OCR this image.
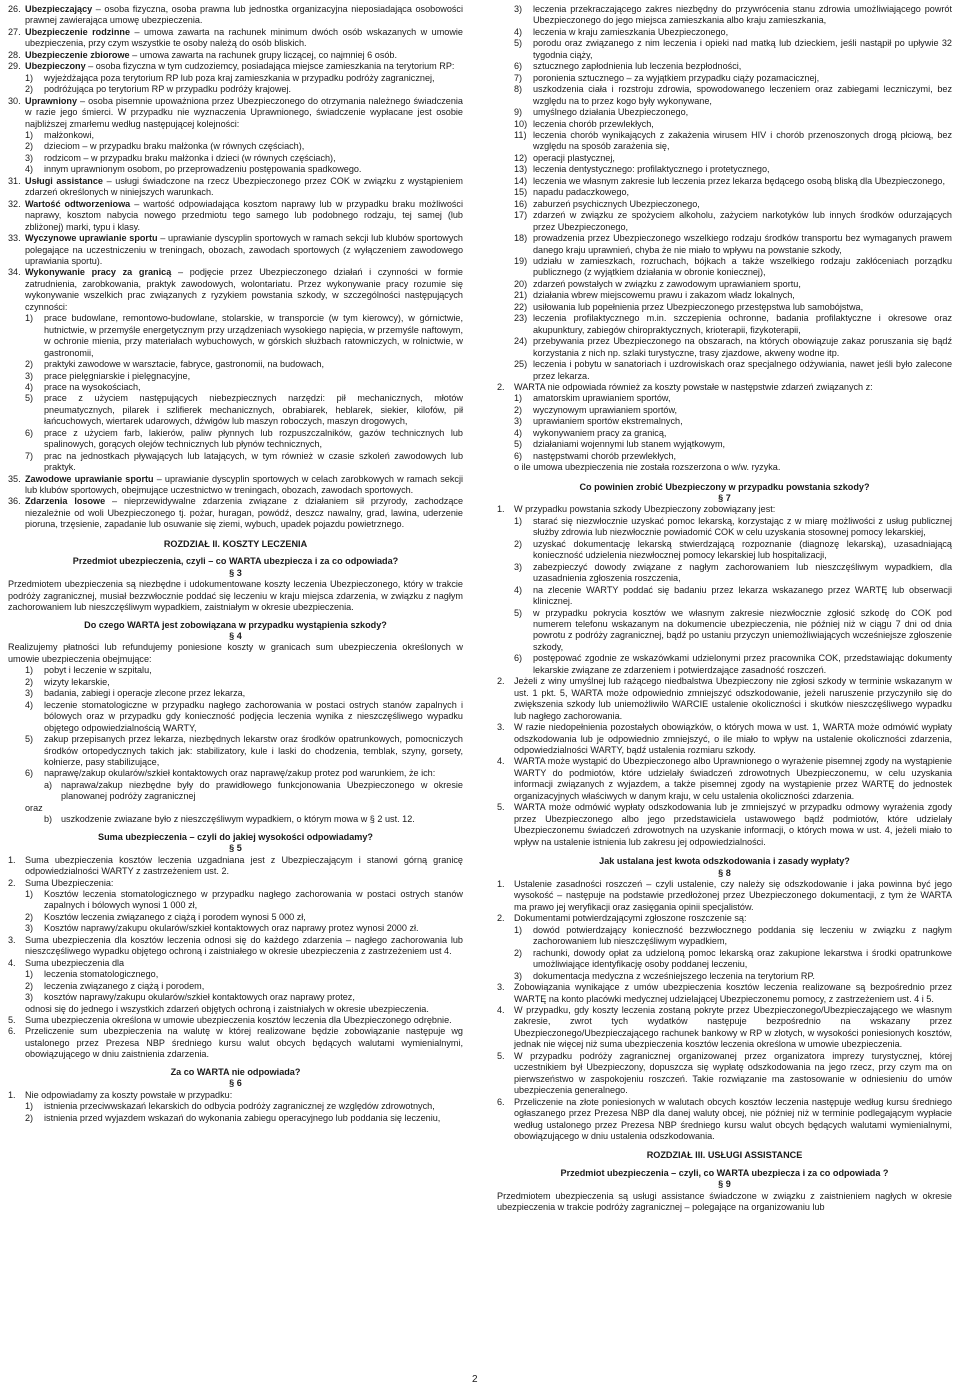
26. Ubezpieczający – osoba fizyczna, osoba prawna lub jednostka organizacyjna nieposiadająca osobowości prawnej zawierająca umowę ubezpieczenia.
27. Ubezpieczenie rodzinne – umowa zawarta na rachunek minimum dwóch osób wskazanych w umowie ubezpieczenia, przy czym wszystkie te osoby należą do osób bliskich.
28. Ubezpieczenie zbiorowe – umowa zawarta na rachunek grupy liczącej, co najmniej 6 osób.
29. Ubezpieczony – osoba fizyczna w tym cudzoziemcy, posiadająca miejsce zamieszkania na terytorium RP:
1)	wyjeżdżająca poza terytorium RP lub poza kraj zamieszkania w przypadku podróży zagranicznej,
2)	podróżująca po terytorium RP w przypadku podróży krajowej.
30. Uprawniony – osoba pisemnie upoważniona przez Ubezpieczonego do otrzymania należnego świadczenia w razie jego śmierci. W przypadku nie wyznaczenia Uprawnionego, świadczenie wypłacane jest osobie najbliższej zmarłemu według następującej kolejności:
1)	małżonkowi,
2)	dzieciom – w przypadku braku małżonka (w równych częściach),
3)	rodzicom – w przypadku braku małżonka i dzieci (w równych częściach),
4)	innym uprawnionym osobom, po przeprowadzeniu postępowania spadkowego.
31. Usługi assistance – usługi świadczone na rzecz Ubezpieczonego przez COK w związku z wystąpieniem zdarzeń określonych w niniejszych warunkach.
32. Wartość odtworzeniowa – wartość odpowiadająca kosztom naprawy lub w przypadku braku możliwości naprawy, kosztom nabycia nowego przedmiotu tego samego lub podobnego rodzaju, tej samej (lub zbliżonej) marki, typu i klasy.
33. Wyczynowe uprawianie sportu – uprawianie dyscyplin sportowych w ramach sekcji lub klubów sportowych polegające na uczestniczeniu w treningach, obozach, zawodach sportowych (z wyłączeniem zawodowego uprawiania sportu).
34. Wykonywanie pracy za granicą – podjęcie przez Ubezpieczonego działań i czynności w formie zatrudnienia, zarobkowania, praktyk zawodowych, wolontariatu. Przez wykonywanie pracy rozumie się wykonywanie wszelkich prac związanych z ryzykiem powstania szkody, w szczególności następujących czynności:
1)	prace budowlane, remontowo-budowlane, stolarskie, w transporcie (w tym kierowcy), w górnictwie, hutnictwie, w przemyśle energetycznym przy urządzeniach wysokiego napięcia, w przemyśle naftowym, w ochronie mienia, przy materiałach wybuchowych, w górskich służbach ratowniczych, w rolnictwie, w gastronomii,
2)	praktyki zawodowe w warsztacie, fabryce, gastronomii, na budowach,
3)	prace pielęgniarskie i pielęgnacyjne,
4)	prace na wysokościach,
5)	prace z użyciem następujących niebezpiecznych narzędzi: pił mechanicznych, młotów pneumatycznych, pilarek i szlifierek mechanicznych, obrabiarek, heblarek, siekier, kilofów, pił łańcuchowych, wiertarek udarowych, dźwigów lub maszyn roboczych, maszyn drogowych,
6)	prace z użyciem farb, lakierów, paliw płynnych lub rozpuszczalników, gazów technicznych lub spalinowych, gorących olejów technicznych lub płynów technicznych,
7)	prac na jednostkach pływających lub latających, w tym również w czasie szkoleń zawodowych lub praktyk.
35. Zawodowe uprawianie sportu – uprawianie dyscyplin sportowych w celach zarobkowych w ramach sekcji lub klubów sportowych, obejmujące uczestnictwo w treningach, obozach, zawodach sportowych.
36. Zdarzenia losowe – nieprzewidywalne zdarzenia związane z działaniem sił przyrody, zachodzące niezależnie od woli Ubezpieczonego tj. pożar, huragan, powódź, deszcz nawalny, grad, lawina, uderzenie pioruna, trzęsienie, zapadanie lub osuwanie się ziemi, wybuch, upadek pojazdu powietrznego.
ROZDZIAŁ II. KOSZTY LECZENIA
Przedmiot ubezpieczenia, czyli – co WARTA ubezpiecza i za co odpowiada?
§ 3
Przedmiotem ubezpieczenia są niezbędne i udokumentowane koszty leczenia Ubezpieczonego, który w trakcie podróży zagranicznej, musiał bezzwłocznie poddać się leczeniu w kraju miejsca zdarzenia, w związku z nagłym zachorowaniem lub nieszczęśliwym wypadkiem, zaistniałym w okresie ubezpieczenia.
Do czego WARTA jest zobowiązana w przypadku wystąpienia szkody?
§ 4
Realizujemy płatności lub refundujemy poniesione koszty w granicach sum ubezpieczenia określonych w umowie ubezpieczenia obejmujące:
1)	pobyt i leczenie w szpitalu,
2)	wizyty lekarskie,
3)	badania, zabiegi i operacje zlecone przez lekarza,
4)	leczenie stomatologiczne w przypadku nagłego zachorowania w postaci ostrych stanów zapalnych i bólowych oraz w przypadku gdy konieczność podjęcia leczenia wynika z nieszczęśliwego wypadku objętego odpowiedzialnością WARTY,
5)	zakup przepisanych przez lekarza, niezbędnych lekarstw oraz środków opatrunkowych, pomocniczych środków ortopedycznych takich jak: stabilizatory, kule i laski do chodzenia, temblak, szyny, gorsety, kołnierze, pasy stabilizujące,
6)	naprawę/zakup okularów/szkieł kontaktowych oraz naprawę/zakup protez pod warunkiem, że ich:
a) naprawa/zakup niezbędne były do prawidłowego funkcjonowania Ubezpieczonego w okresie planowanej podróży zagranicznej
oraz
b) uszkodzenie zwiazane było z nieszczęśliwym wypadkiem, o którym mowa w § 2 ust. 12.
Suma ubezpieczenia – czyli do jakiej wysokości odpowiadamy?
§ 5
1.	Suma ubezpieczenia kosztów leczenia uzgadniana jest z Ubezpieczającym i stanowi górną granicę odpowiedzialności WARTY z zastrzeżeniem ust. 2.
2.	Suma Ubezpieczenia:
1)	Kosztów leczenia stomatologicznego w przypadku nagłego zachorowania w postaci ostrych stanów zapalnych i bólowych wynosi 1 000 zł,
2)	Kosztów leczenia związanego z ciążą i porodem wynosi 5 000 zł,
3)	Kosztów naprawy/zakupu okularów/szkieł kontaktowych oraz naprawy protez wynosi 2000 zł.
3.	Suma ubezpieczenia dla kosztów leczenia odnosi się do każdego zdarzenia – nagłego zachorowania lub nieszczęśliwego wypadku objętego ochroną i zaistniałego w okresie ubezpieczenia z zastrzeżeniem ust 4.
4.	Suma ubezpieczenia dla
1)	leczenia stomatologicznego,
2)	leczenia związanego z ciążą i porodem,
3)	kosztów naprawy/zakupu okularów/szkieł kontaktowych oraz naprawy protez,
odnosi się do jednego i wszystkich zdarzeń objętych ochroną i zaistniałych w okresie ubezpieczenia.
5.	Suma ubezpieczenia określona w umowie ubezpieczenia kosztów leczenia dla Ubezpieczonego odrębnie.
6.	Przeliczenie sum ubezpieczenia na walutę w której realizowane będzie zobowiązanie następuje wg ustalonego przez Prezesa NBP średniego kursu walut obcych będących walutami wymienialnymi, obowiązującego w dniu zaistnienia zdarzenia.
Za co WARTA nie odpowiada?
§ 6
1.	Nie odpowiadamy za koszty powstałe w przypadku:
1)	istnienia przeciwwskazań lekarskich do odbycia podróży zagranicznej ze względów zdrowotnych,
2)	istnienia przed wyjazdem wskazań do wykonania zabiegu operacyjnego lub poddania się leczeniu,
3)	leczenia przekraczającego zakres niezbędny do przywrócenia stanu zdrowia umożliwiającego powrót Ubezpieczonego do jego miejsca zamieszkania albo kraju zamieszkania,
4)	leczenia w kraju zamieszkania Ubezpieczonego,
5)	porodu oraz związanego z nim leczenia i opieki nad matką lub dzieckiem, jeśli nastąpił po upływie 32 tygodnia ciąży,
6)	sztucznego zapłodnienia lub leczenia bezpłodności,
7)	poronienia sztucznego – za wyjątkiem przypadku ciąży pozamacicznej,
8)	uszkodzenia ciała i rozstroju zdrowia, spowodowanego leczeniem oraz zabiegami leczniczymi, bez względu na to przez kogo były wykonywane,
9)	umyślnego działania Ubezpieczonego,
10) leczenia chorób przewlekłych,
11) leczenia chorób wynikających z zakażenia wirusem HIV i chorób przenoszonych drogą płciową, bez względu na sposób zarażenia się,
12) operacji plastycznej,
13) leczenia dentystycznego: profilaktycznego i protetycznego,
14) leczenia we własnym zakresie lub leczenia przez lekarza będącego osobą bliską dla Ubezpieczonego,
15) napadu padaczkowego,
16) zaburzeń psychicznych Ubezpieczonego,
17) zdarzeń w związku ze spożyciem alkoholu, zażyciem narkotyków lub innych środków odurzających przez Ubezpieczonego,
18) prowadzenia przez Ubezpieczonego wszelkiego rodzaju środków transportu bez wymaganych prawem danego kraju uprawnień, chyba że nie miało to wpływu na powstanie szkody,
19) udziału w zamieszkach, rozruchach, bójkach a także wszelkiego rodzaju zakłóceniach porządku publicznego (z wyjątkiem działania w obronie koniecznej),
20) zdarzeń powstałych w związku z zawodowym uprawianiem sportu,
21) działania wbrew miejscowemu prawu i zakazom władz lokalnych,
22) usiłowania lub popełnienia przez Ubezpieczonego przestępstwa lub samobójstwa,
23) leczenia profilaktycznego m.in. szczepienia ochronne, badania profilaktyczne i okresowe oraz akupunktury, zabiegów chiropraktycznych, krioterapii, fizykoterapii,
24) przebywania przez Ubezpieczonego na obszarach, na których obowiązuje zakaz poruszania się bądź korzystania z nich np. szlaki turystyczne, trasy zjazdowe, akweny wodne itp.
25) leczenia i pobytu w sanatoriach i uzdrowiskach oraz specjalnego odżywiania, nawet jeśli było zalecone przez lekarza.
2.	WARTA nie odpowiada również za koszty powstałe w następstwie zdarzeń związanych z:
1)	amatorskim uprawianiem sportów,
2)	wyczynowym uprawianiem sportów,
3)	uprawianiem sportów ekstremalnych,
4)	wykonywaniem pracy za granicą,
5)	działaniami wojennymi lub stanem wyjątkowym,
6)	następstwami chorób przewlekłych,
o ile umowa ubezpieczenia nie została rozszerzona o w/w. ryzyka.
Co powinien zrobić Ubezpieczony w przypadku powstania szkody?
§ 7
1.	W przypadku powstania szkody Ubezpieczony zobowiązany jest:
1)	starać się niezwłocznie uzyskać pomoc lekarską, korzystając z w miarę możliwości z usług publicznej służby zdrowia lub niezwłocznie powiadomić COK w celu uzyskania stosownej pomocy lekarskiej,
2)	uzyskać dokumentację lekarską stwierdzającą rozpoznanie (diagnozę lekarską), uzasadniającą konieczność udzielenia niezwłocznej pomocy lekarskiej lub hospitalizacji,
3)	zabezpieczyć dowody związane z nagłym zachorowaniem lub nieszczęśliwym wypadkiem, dla uzasadnienia zgłoszenia roszczenia,
4)	na zlecenie WARTY poddać się badaniu przez lekarza wskazanego przez WARTĘ lub obserwacji klinicznej.
5)	w przypadku pokrycia kosztów we własnym zakresie niezwłocznie zgłosić szkodę do COK pod numerem telefonu wskazanym na dokumencie ubezpieczenia, nie później niż w ciągu 7 dni od dnia powrotu z podróży zagranicznej, bądź po ustaniu przyczyn uniemożliwiających wcześniejsze zgłoszenie szkody,
6)	postępować zgodnie ze wskazówkami udzielonymi przez pracownika COK, przedstawiając dokumenty lekarskie związane ze zdarzeniem i potwierdzające zasadność roszczeń.
2.	Jeżeli z winy umyślnej lub rażącego niedbalstwa Ubezpieczony nie zgłosi szkody w terminie wskazanym w ust. 1 pkt. 5, WARTA może odpowiednio zmniejszyć odszkodowanie, jeżeli naruszenie przyczyniło się do zwiększenia szkody lub uniemożliwiło WARCIE ustalenie okoliczności i skutków nieszczęśliwego wypadku lub nagłego zachorowania.
3.	W razie niedopełnienia pozostałych obowiązków, o których mowa w ust. 1, WARTA może odmówić wypłaty odszkodowania lub je odpowiednio zmniejszyć, o ile miało to wpływ na ustalenie okoliczności zdarzenia, odpowiedzialności WARTY, bądź ustalenia rozmiaru szkody.
4.	WARTA może wystąpić do Ubezpieczonego albo Uprawnionego o wyrażenie pisemnej zgody na wystąpienie WARTY do podmiotów, które udzielały świadczeń zdrowotnych Ubezpieczonemu, w celu uzyskania informacji związanych z wyjazdem, a także pisemnej zgody na wystąpienie przez WARTĘ do jednostek organizacyjnych właściwych w danym kraju, w celu ustalenia okoliczności zdarzenia.
5.	WARTA może odmówić wypłaty odszkodowania lub je zmniejszyć w przypadku odmowy wyrażenia zgody przez Ubezpieczonego albo jego przedstawiciela ustawowego bądź podmiotów, które udzielały Ubezpieczonemu świadczeń zdrowotnych na uzyskanie informacji, o których mowa w ust. 4, jeżeli miało to wpływ na ustalenie istnienia lub zakresu jej odpowiedzialności.
Jak ustalana jest kwota odszkodowania i zasady wypłaty?
§ 8
1.	Ustalenie zasadności roszczeń – czyli ustalenie, czy należy się odszkodowanie i jaka powinna być jego wysokość – następuje na podstawie przedłożonej przez Ubezpieczonego dokumentacji, z tym że WARTA ma prawo jej weryfikacji oraz zasięgania opinii specjalistów.
2.	Dokumentami potwierdzającymi zgłoszone roszczenie są:
1)	dowód potwierdzający konieczność bezzwłocznego poddania się leczeniu w związku z nagłym zachorowaniem lub nieszczęśliwym wypadkiem,
2)	rachunki, dowody opłat za udzieloną pomoc lekarską oraz zakupione lekarstwa i środki opatrunkowe umożliwiające identyfikację osoby poddanej leczeniu,
3)	dokumentacja medyczna z wcześniejszego leczenia na terytorium RP.
3.	Zobowiązania wynikające z umów ubezpieczenia kosztów leczenia realizowane są bezpośrednio przez WARTĘ na konto placówki medycznej udzielającej Ubezpieczonemu pomocy, z zastrzeżeniem ust. 4 i 5.
4.	W przypadku, gdy koszty leczenia zostaną pokryte przez Ubezpieczonego/Ubezpieczającego we własnym zakresie, zwrot tych wydatków następuje bezpośrednio na wskazany przez Ubezpieczonego/Ubezpieczającego rachunek bankowy w RP w złotych, w wysokości poniesionych kosztów, jednak nie więcej niż suma ubezpieczenia kosztów leczenia określona w umowie ubezpieczenia.
5.	W przypadku podróży zagranicznej organizowanej przez organizatora imprezy turystycznej, której uczestnikiem był Ubezpieczony, dopuszcza się wypłatę odszkodowania na jego rzecz, przy czym ma on pierwszeństwo w zaspokojeniu roszczeń. Takie rozwiązanie ma zastosowanie w odniesieniu do umów ubezpieczenia generalnego.
6.	Przeliczenie na złote poniesionych w walutach obcych kosztów leczenia następuje według kursu średniego ogłaszanego przez Prezesa NBP dla danej waluty obcej, nie później niż w terminie podlegającym wypłacie według ustalonego przez Prezesa NBP średniego kursu walut obcych będących walutami wymienialnymi, obowiązującego w dniu ustalenia odszkodowania.
ROZDZIAŁ III. USŁUGI ASSISTANCE
Przedmiot ubezpieczenia – czyli, co WARTA ubezpiecza i za co odpowiada ?
§ 9
Przedmiotem ubezpieczenia są usługi assistance świadczone w związku z zaistnieniem nagłych w okresie ubezpieczenia w trakcie podróży zagranicznej – polegające na organizowaniu lub
2
